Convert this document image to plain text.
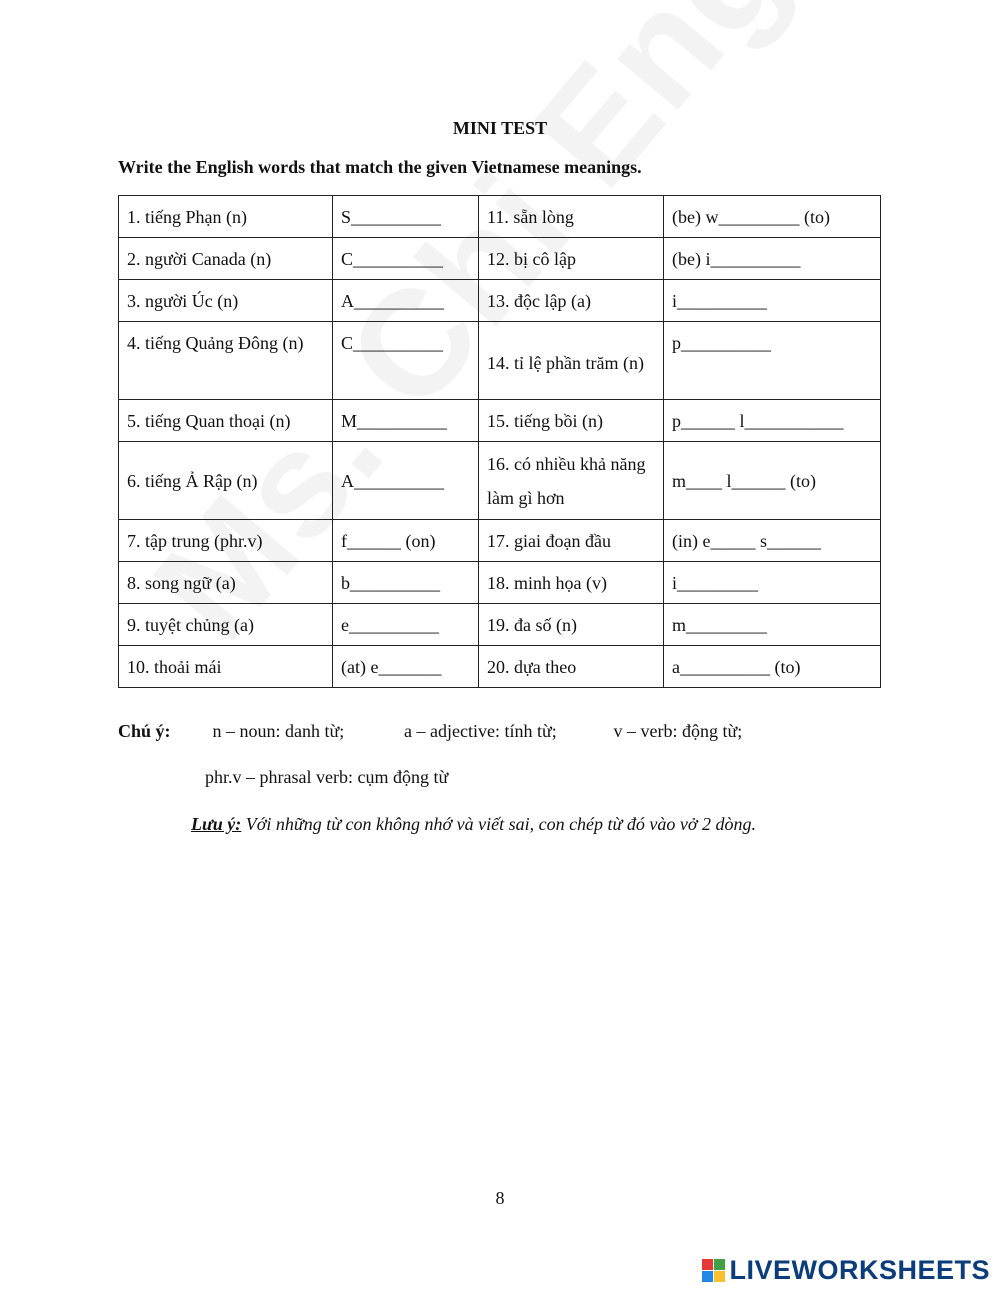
MINI TEST
Write the English words that match the given Vietnamese meanings.
1. tiếng Phạn (n)	S__________	11. sẵn lòng	(be) w_________ (to)
2. người Canada (n)	C__________	12. bị cô lập	(be) i__________
3. người Úc (n)	A__________	13. độc lập (a)	i__________
4. tiếng Quảng Đông (n)	C__________	14. tỉ lệ phần trăm (n)	p__________
5. tiếng Quan thoại (n)	M__________	15. tiếng bồi (n)	p______ l___________
6. tiếng Ả Rập (n)	A__________	16. có nhiều khả năng làm gì hơn	m____ l______ (to)
7. tập trung (phr.v)	f______ (on)	17. giai đoạn đầu	(in) e_____ s______
8. song ngữ (a)	b__________	18. minh họa (v)	i_________
9. tuyệt chủng (a)	e__________	19. đa số (n)	m_________
10. thoải mái	(at) e_______	20. dựa theo	a__________ (to)
Chú ý: n – noun: danh từ;	a – adjective: tính từ;	v – verb: động từ;
phr.v – phrasal verb: cụm động từ
Lưu ý: Với những từ con không nhớ và viết sai, con chép từ đó vào vở 2 dòng.
8
LIVEWORKSHEETS
